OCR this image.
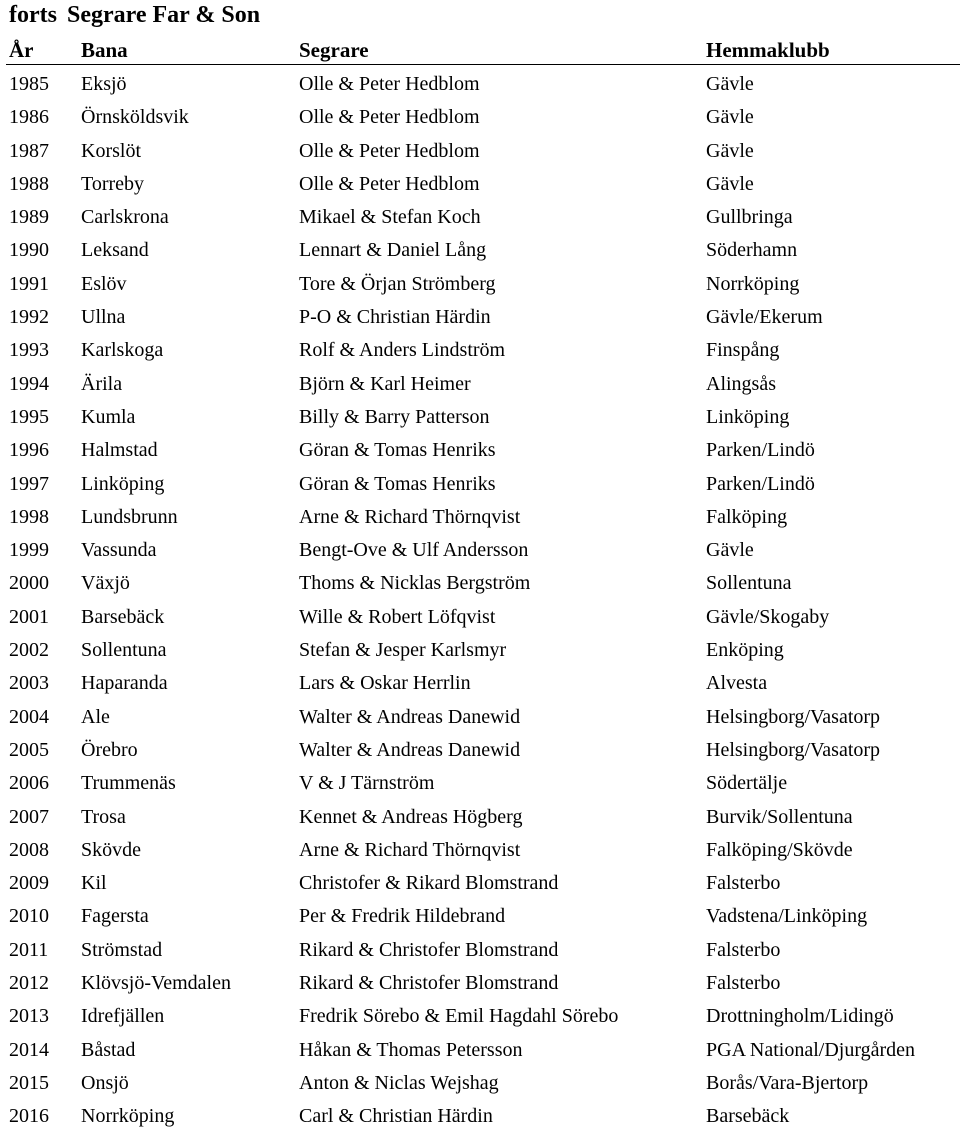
forts Segrare Far & Son
År Bana	Segrare	Hemmaklubb
1985 Eksjö	Olle & Peter Hedblom	Gävle
1986 Örnsköldsvik	Olle & Peter Hedblom	Gävle
1987 Korslöt	Olle & Peter Hedblom	Gävle
1988 Torreby	Olle & Peter Hedblom	Gävle
1989 Carlskrona	Mikael & Stefan Koch	Gullbringa
1990 Leksand	Lennart & Daniel Lång	Söderhamn
1991 Eslöv	Tore & Örjan Strömberg	Norrköping
1992 Ullna	P-O & Christian Härdin	Gävle/Ekerum
1993 Karlskoga	Rolf & Anders Lindström	Finspång
1994 Ärila	Björn & Karl Heimer	Alingsås
1995 Kumla	Billy & Barry Patterson	Linköping
1996 Halmstad	Göran & Tomas Henriks	Parken/Lindö
1997 Linköping	Göran & Tomas Henriks	Parken/Lindö
1998 Lundsbrunn	Arne & Richard Thörnqvist	Falköping
1999 Vassunda	Bengt-Ove & Ulf Andersson	Gävle
2000 Växjö	Thoms & Nicklas Bergström	Sollentuna
2001 Barsebäck	Wille & Robert Löfqvist	Gävle/Skogaby
2002 Sollentuna	Stefan & Jesper Karlsmyr	Enköping
2003 Haparanda	Lars & Oskar Herrlin	Alvesta
2004 Ale	Walter & Andreas Danewid	Helsingborg/Vasatorp
2005 Örebro	Walter & Andreas Danewid	Helsingborg/Vasatorp
2006 Trummenäs	V & J Tärnström	Södertälje
2007 Trosa	Kennet & Andreas Högberg	Burvik/Sollentuna
2008 Skövde	Arne & Richard Thörnqvist	Falköping/Skövde
2009 Kil	Christofer & Rikard Blomstrand	Falsterbo
2010 Fagersta	Per & Fredrik Hildebrand	Vadstena/Linköping
2011 Strömstad	Rikard & Christofer Blomstrand	Falsterbo
2012 Klövsjö-Vemdalen	Rikard & Christofer Blomstrand	Falsterbo
2013 Idrefjällen	Fredrik Sörebo & Emil Hagdahl Sörebo	Drottningholm/Lidingö
2014 Båstad	Håkan & Thomas Petersson	PGA National/Djurgården
2015 Onsjö	Anton & Niclas Wejshag	Borås/Vara-Bjertorp
2016 Norrköping	Carl & Christian Härdin	Barsebäck
